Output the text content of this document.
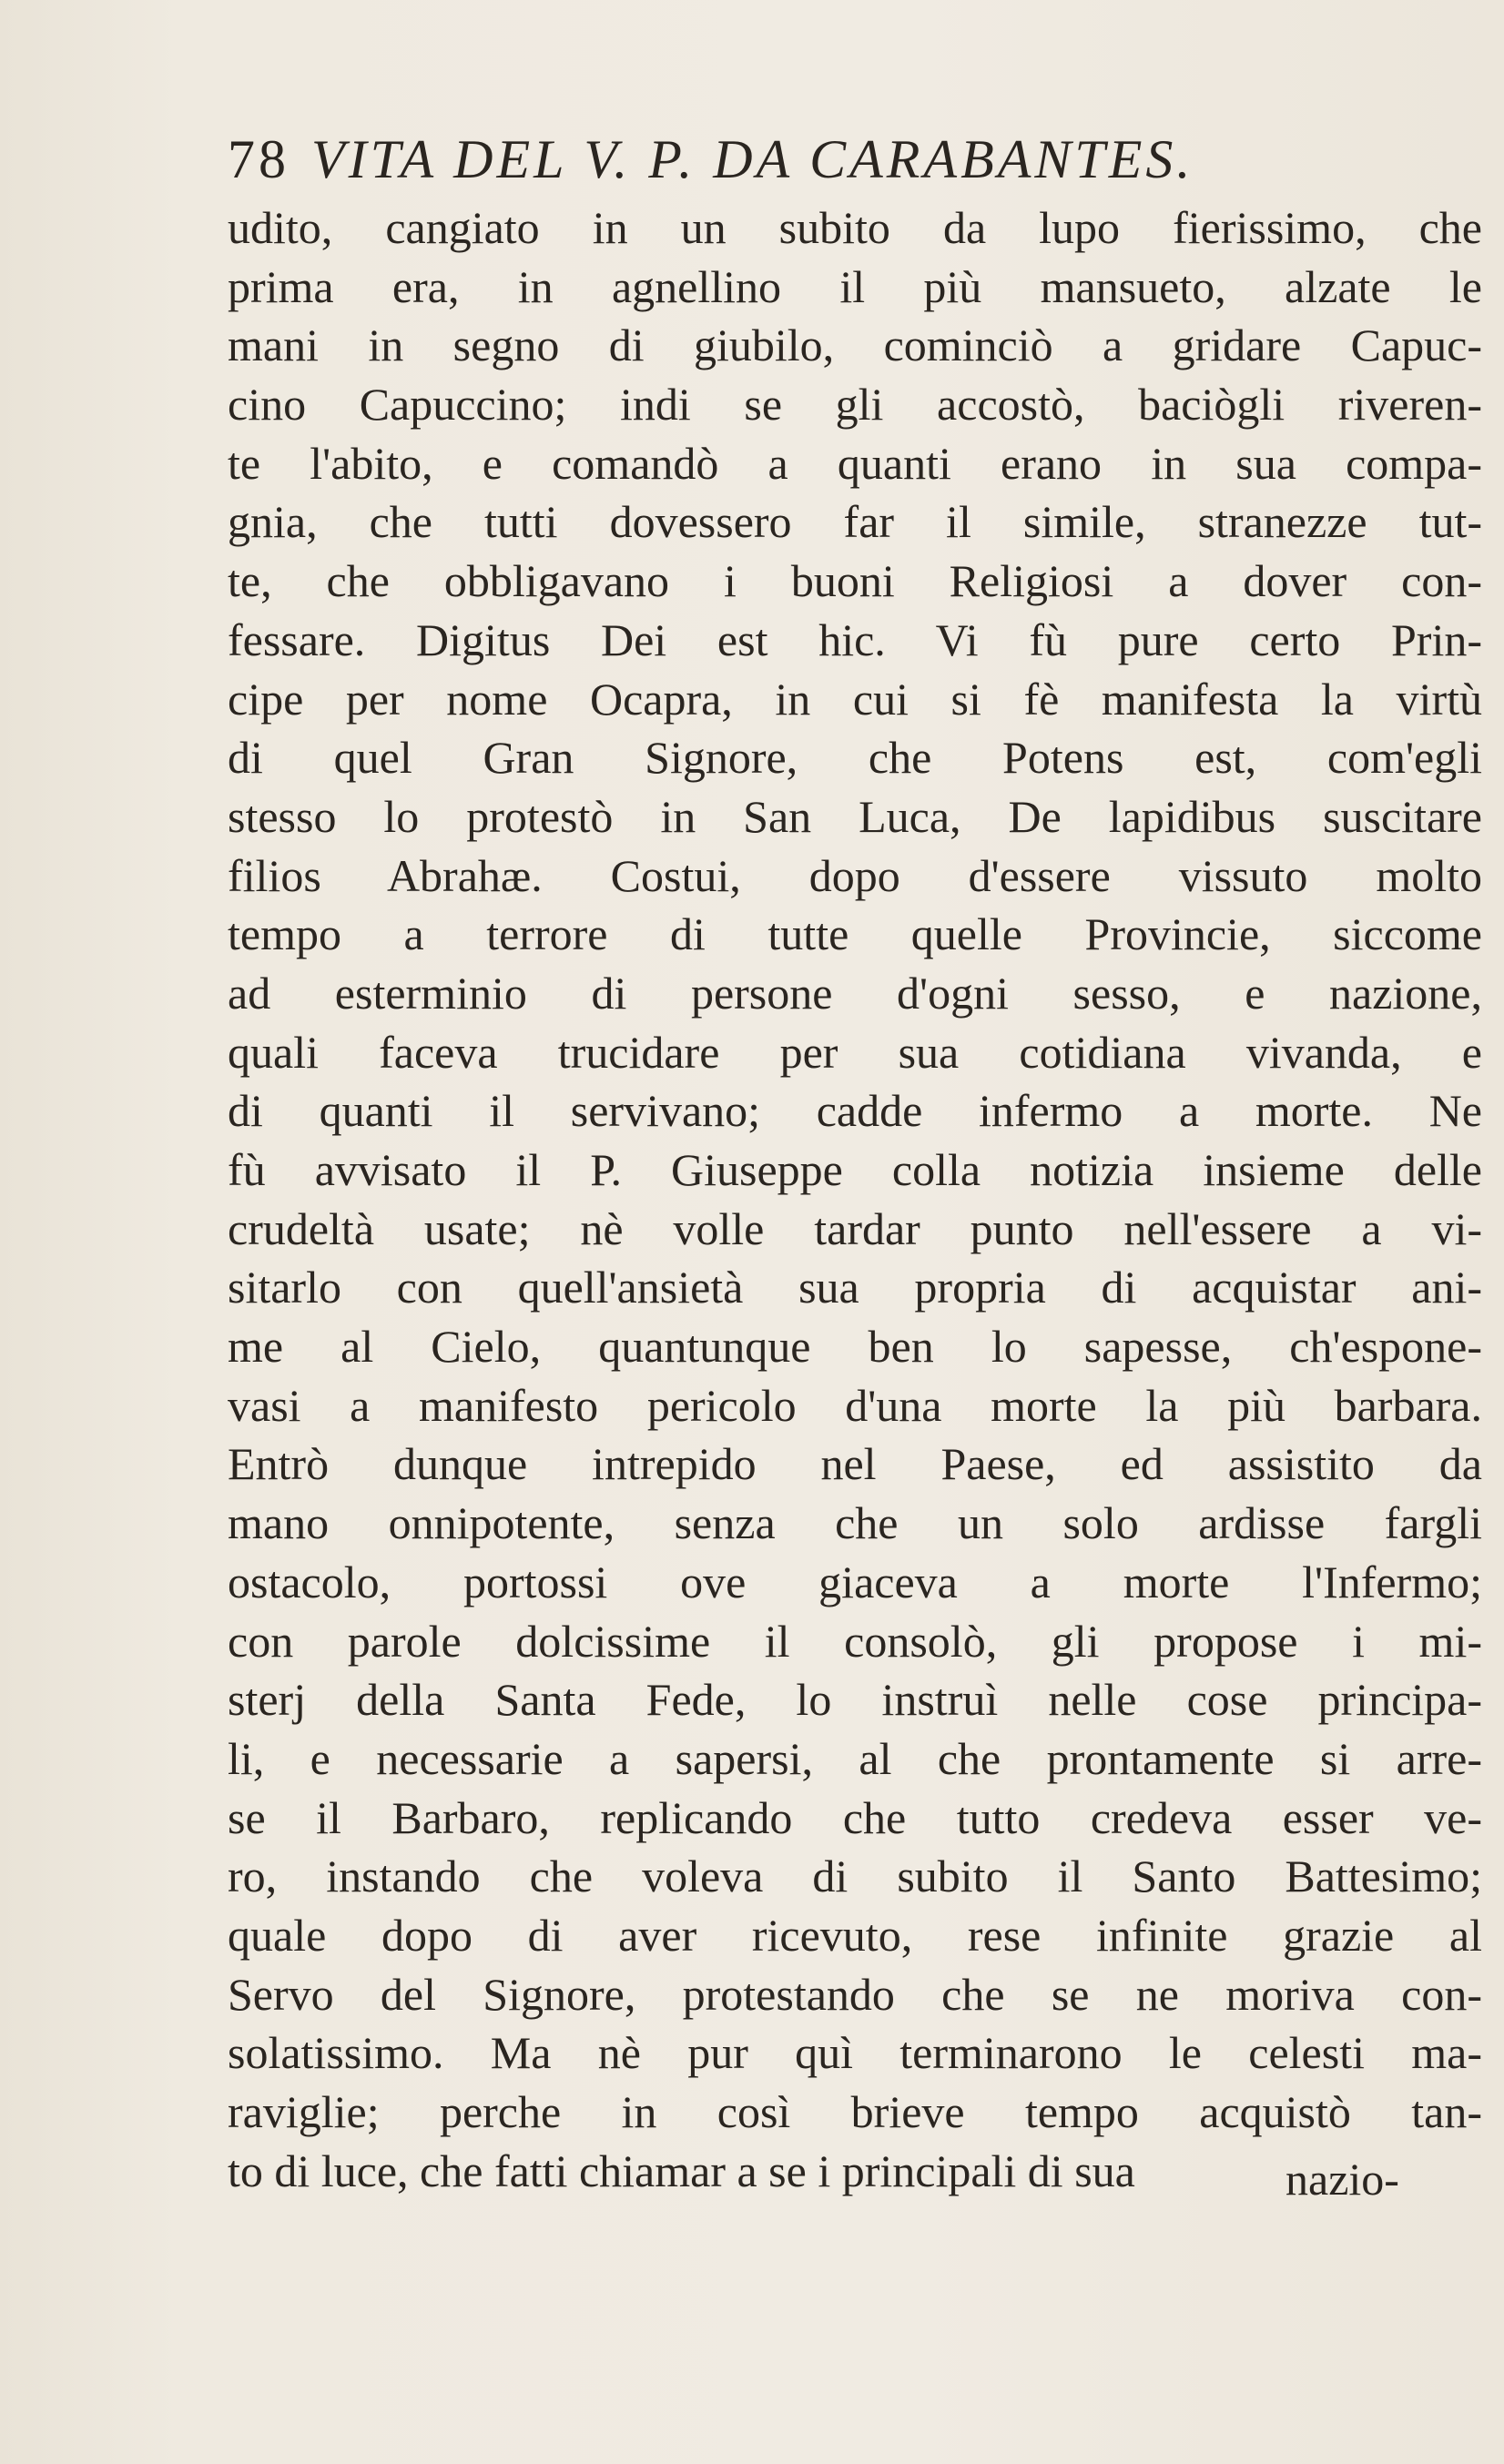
78 VITA DEL V. P. DA CARABANTES.
udito, cangiato in un subito da lupo fierissimo, che
prima era, in agnellino il più mansueto, alzate le
mani in segno di giubilo, cominciò a gridare Capuc-
cino Capuccino; indi se gli accostò, baciògli riveren-
te l'abito, e comandò a quanti erano in sua compa-
gnia, che tutti dovessero far il simile, stranezze tut-
te, che obbligavano i buoni Religiosi a dover con-
fessare. Digitus Dei est hic. Vi fù pure certo Prin-
cipe per nome Ocapra, in cui si fè manifesta la virtù
di quel Gran Signore, che Potens est, com'egli
stesso lo protestò in San Luca, De lapidibus suscitare
filios Abrahæ. Costui, dopo d'essere vissuto molto
tempo a terrore di tutte quelle Provincie, siccome
ad esterminio di persone d'ogni sesso, e nazione,
quali faceva trucidare per sua cotidiana vivanda, e
di quanti il servivano; cadde infermo a morte. Ne
fù avvisato il P. Giuseppe colla notizia insieme delle
crudeltà usate; nè volle tardar punto nell'essere a vi-
sitarlo con quell'ansietà sua propria di acquistar ani-
me al Cielo, quantunque ben lo sapesse, ch'espone-
vasi a manifesto pericolo d'una morte la più barbara.
Entrò dunque intrepido nel Paese, ed assistito da
mano onnipotente, senza che un solo ardisse fargli
ostacolo, portossi ove giaceva a morte l'Infermo;
con parole dolcissime il consolò, gli propose i mi-
sterj della Santa Fede, lo instruì nelle cose principa-
li, e necessarie a sapersi, al che prontamente si arre-
se il Barbaro, replicando che tutto credeva esser ve-
ro, instando che voleva di subito il Santo Battesimo;
quale dopo di aver ricevuto, rese infinite grazie al
Servo del Signore, protestando che se ne moriva con-
solatissimo. Ma nè pur quì terminarono le celesti ma-
raviglie; perche in così brieve tempo acquistò tan-
to di luce, che fatti chiamar a se i principali di sua	nazio-
